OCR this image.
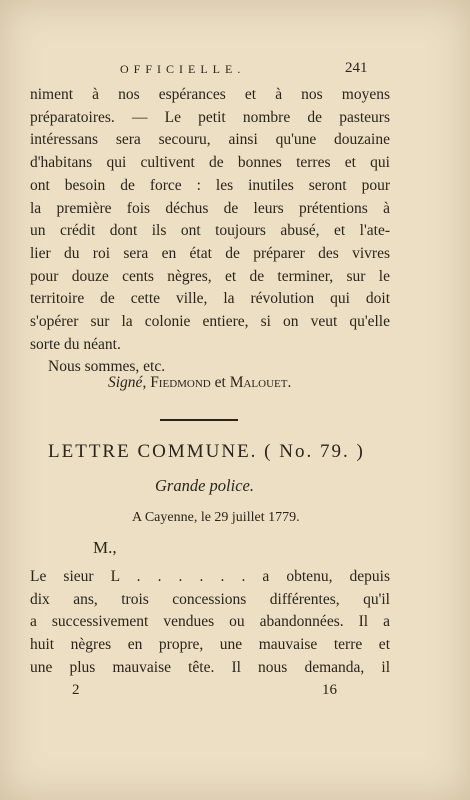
OFFICIELLE.	241
niment à nos espérances et à nos moyens
préparatoires. — Le petit nombre de pasteurs
intéressans sera secouru, ainsi qu'une douzaine
d'habitans qui cultivent de bonnes terres et qui
ont besoin de force : les inutiles seront pour
la première fois déchus de leurs prétentions à
un crédit dont ils ont toujours abusé, et l'ate-
lier du roi sera en état de préparer des vivres
pour douze cents nègres, et de terminer, sur le
territoire de cette ville, la révolution qui doit
s'opérer sur la colonie entiere, si on veut qu'elle
sorte du néant.
Nous sommes, etc.
Signé, Fiedmond et Malouet.
LETTRE COMMUNE. ( No. 79. )
Grande police.
A Cayenne, le 29 juillet 1779.
M.,
Le sieur L . . . . . . a obtenu, depuis
dix ans, trois concessions différentes, qu'il
a successivement vendues ou abandonnées. Il a
huit nègres en propre, une mauvaise terre et
une plus mauvaise tête. Il nous demanda, il
2	16
